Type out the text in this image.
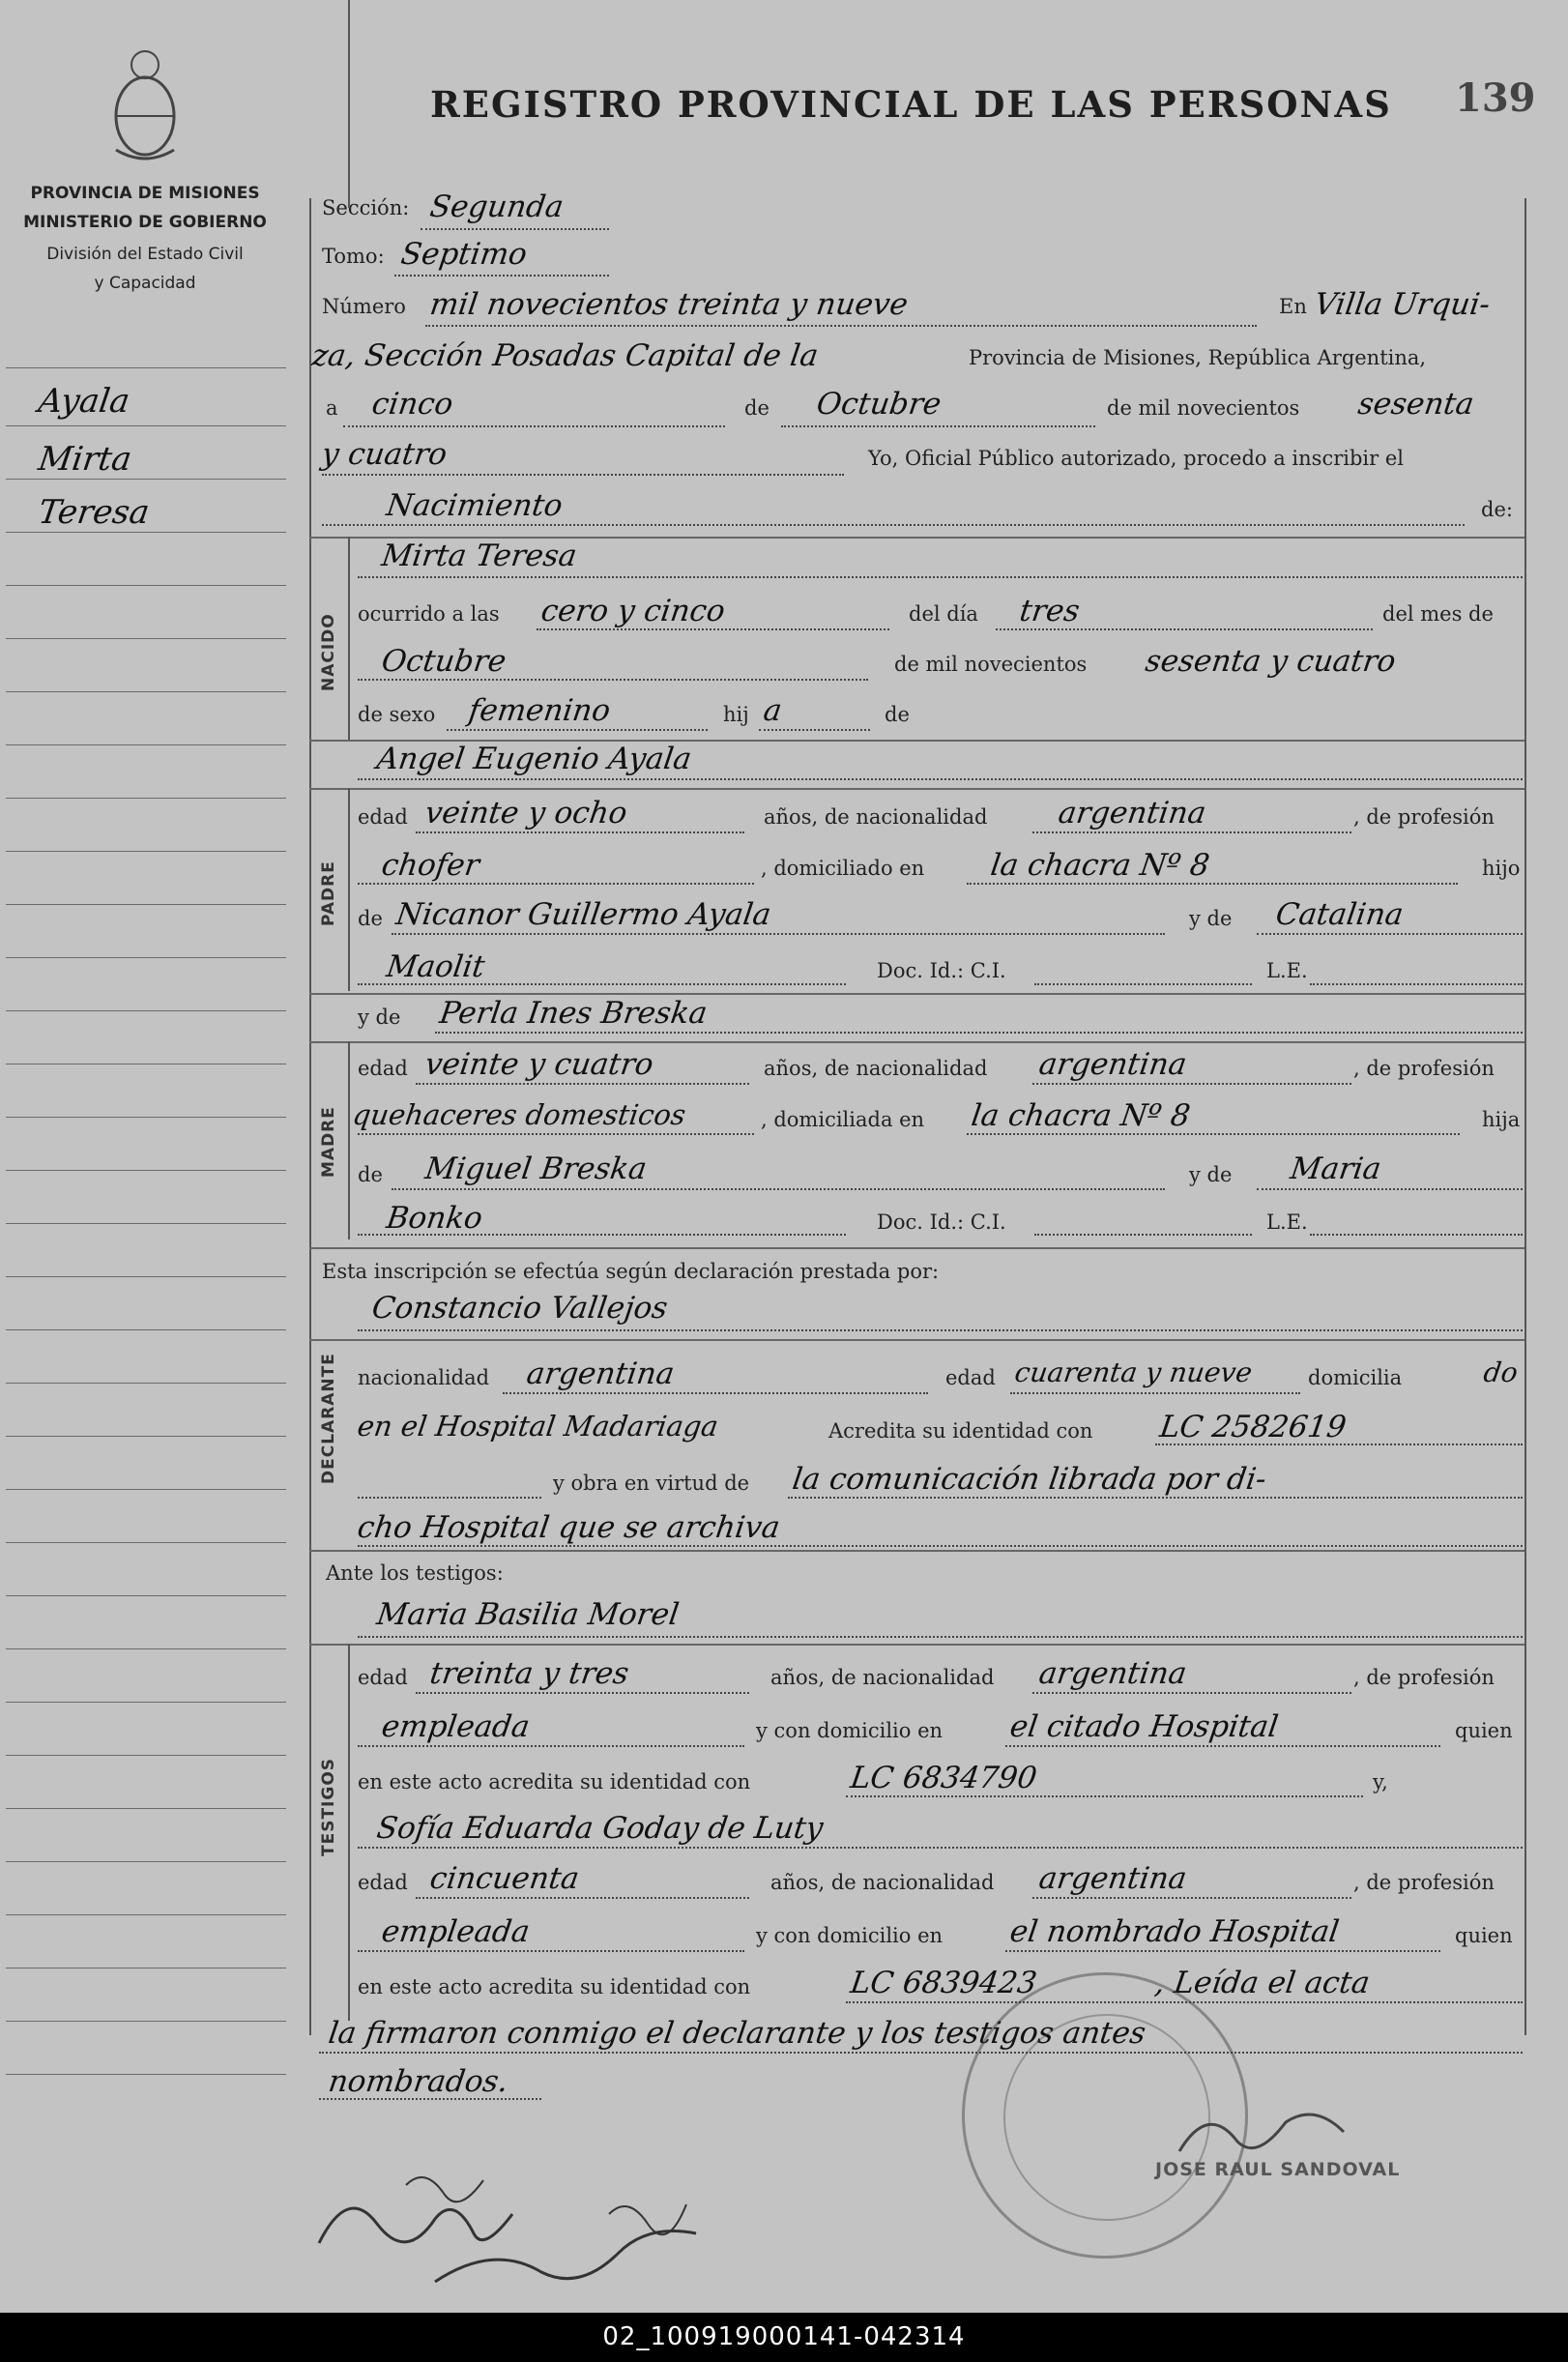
REGISTRO PROVINCIAL DE LAS PERSONAS 139
PROVINCIA DE MISIONES
MINISTERIO DE GOBIERNO
División del Estado Civil
y Capacidad
Ayala
Mirta
Teresa
Sección: Segunda
Tomo: Septimo
Número mil novecientos treinta y nueve	En Villa Urqui-
za, Sección Posadas Capital de la	Provincia de Misiones, República Argentina,
a cinco	de Octubre	de mil novecientos sesenta
y cuatro	Yo, Oficial Público autorizado, procedo a inscribir el
Nacimiento	de:
NACIDO
Mirta Teresa
ocurrido a las cero y cinco	del día tres	del mes de
Octubre	de mil novecientos sesenta y cuatro
de sexo femenino	hij a	de
Angel Eugenio Ayala
PADRE
edad veinte y ocho	años, de nacionalidad argentina	, de profesión
chofer	, domiciliado en la chacra Nº 8	hijo
de Nicanor Guillermo Ayala	y de Catalina
Maolit	Doc. Id.: C.I.	L.E.
y de Perla Ines Breska
MADRE
edad veinte y cuatro	años, de nacionalidad argentina	, de profesión
quehaceres domesticos	, domiciliada en la chacra Nº 8	hija
de Miguel Breska	y de Maria
Bonko	Doc. Id.: C.I.	L.E.
Esta inscripción se efectúa según declaración prestada por:
Constancio Vallejos
DECLARANTE nacionalidad argentina	edad cuarenta y nueve	domicilia	do
en el Hospital Madariaga	Acredita su identidad con LC 2582619
y obra en virtud de la comunicación librada por di-
cho Hospital que se archiva
Ante los testigos:
Maria Basilia Morel
TESTIGOS
edad treinta y tres	años, de nacionalidad argentina	, de profesión
empleada	y con domicilio en el citado Hospital	quien
en este acto acredita su identidad con	LC 6834790	y,
Sofía Eduarda Goday de Luty
edad cincuenta	años, de nacionalidad argentina	, de profesión
empleada	y con domicilio en el nombrado Hospital	quien
en este acto acredita su identidad con	LC 6839423	, Leída el acta
la firmaron conmigo el declarante y los testigos antes
nombrados.
JOSE RAUL SANDOVAL
02_100919000141-042314
